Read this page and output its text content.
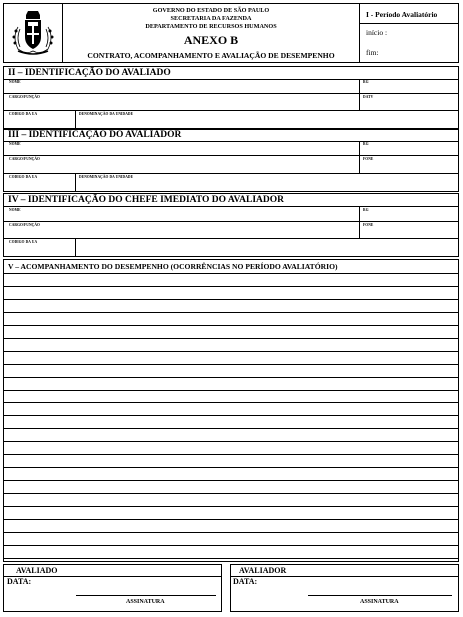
GOVERNO DO ESTADO DE SÃO PAULO
SECRETARIA DA FAZENDA
DEPARTAMENTO DE RECURSOS HUMANOS
ANEXO B
CONTRATO, ACOMPANHAMENTO E AVALIAÇÃO DE DESEMPENHO
I - Período Avaliatório
início :
fim:
II – IDENTIFICAÇÃO DO AVALIADO
NOME	RG
CARGO/FUNÇÃO	DATV
CODIGO DA UA	DENOMINAÇÃO DA UNIDADE
III – IDENTIFICAÇÃO DO AVALIADOR
NOME	RG
CARGO/FUNÇÃO	FONE
CODIGO DA UA	DENOMINAÇÃO DA UNIDADE
IV – IDENTIFICAÇÃO DO CHEFE IMEDIATO DO AVALIADOR
NOME	RG
CARGO/FUNÇÃO	FONE
CODIGO DA UA
V – ACOMPANHAMENTO DO DESEMPENHO (OCORRÊNCIAS NO PERÍODO AVALIATÓRIO)
AVALIADO
DATA:
ASSINATURA
AVALIADOR
DATA:
ASSINATURA
